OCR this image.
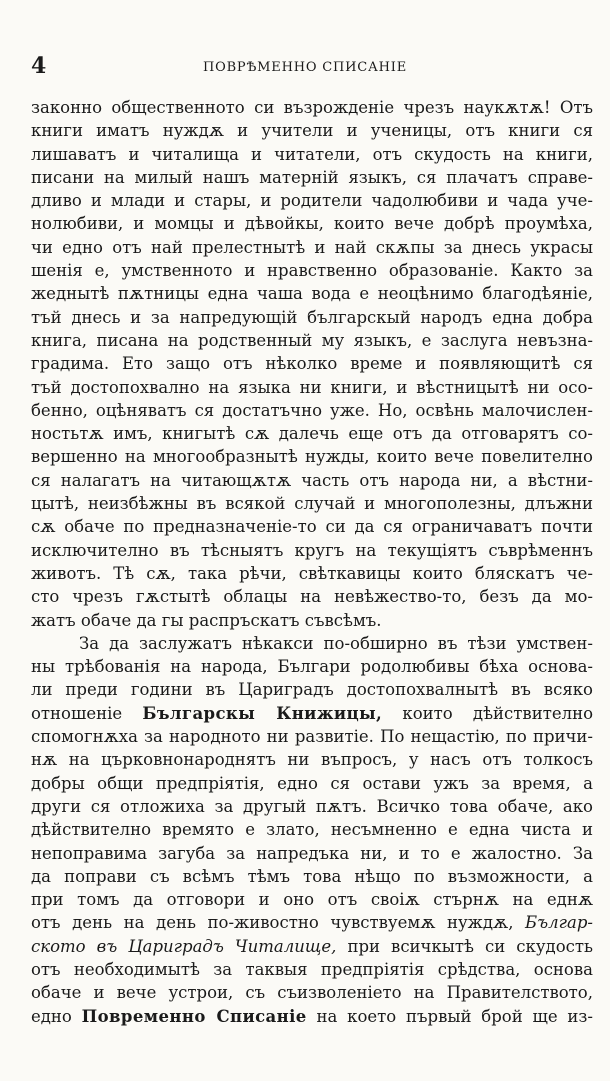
4	ПОВРѢМЕННО СПИСАНІЕ
законно общественното си възрожденіе чрезъ наукѫтѫ! Отъ
книги иматъ нуждѫ и учители и ученицы, отъ книги ся
лишаватъ и читалища и читатели, отъ скудость на книги,
писани на милый нашъ матерній языкъ, ся плачатъ справе-
дливо и млади и стары, и родители чадолюбиви и чада уче-
нолюбиви, и момцы и дѣвойкы, които вече добрѣ проумѣха,
чи едно отъ най прелестнытѣ и най скѫпы за днесь украсы
шенія е, умственното и нравственно образованіе. Както за
жеднытѣ пѫтницы една чаша вода е неоцѣнимо благодѣяніе,
тъй днесь и за напредующій българскый народъ една добра
книга, писана на родственный му языкъ, е заслуга невъзна-
градима. Ето защо отъ нѣколко време и появляющитѣ ся
тъй достопохвално на языка ни книги, и вѣстницытѣ ни осо-
бенно, оцѣняватъ ся достатъчно уже. Но, освѣнь малочислен-
ностьтѫ имъ, книгытѣ сѫ далечь еще отъ да отговарятъ со-
вершенно на многообразнытѣ нужды, които вече повелително
ся налагатъ на читающѫтѫ часть отъ народа ни, а вѣстни-
цытѣ, неизбѣжны въ всякой случай и многополезны, длъжни
сѫ обаче по предназначеніе-то си да ся ограничаватъ почти
исключително въ тѣсныятъ кругъ на текущіятъ съврѣменнъ
животъ. Тѣ сѫ, така рѣчи, свѣткавицы които бляскатъ че-
сто чрезъ гѫстытѣ облацы на невѣжество-то, безъ да мо-
жатъ обаче да гы распръскатъ съвсѣмъ.
За да заслужатъ нѣкакси по-обширно въ тѣзи умствен-
ны трѣбованія на народа, Българи родолюбивы бѣха основа-
ли преди години въ Цариградъ достопохвалнытѣ въ всяко
отношеніе Българскы Книжицы, които дѣйствително
спомогнѫха за народното ни развитіе. По нещастію, по причи-
нѫ на църковнонароднятъ ни въпросъ, у насъ отъ толкосъ
добры общи предпріятія, едно ся остави ужъ за время, а
други ся отложиха за другый пѫтъ. Всичко това обаче, ако
дѣйствително времято е злато, несъмненно е една чиста и
непоправима загуба за напредъка ни, и то е жалостно. За
да поправи съ всѣмъ тѣмъ това нѣщо по възможности, а
при томъ да отговори и оно отъ своіѫ стърнѫ на еднѫ
отъ день на день по-живостно чувствуемѫ нуждѫ, Българ-
ското въ Цариградъ Читалище, при всичкытѣ си скудость
отъ необходимытѣ за таквыя предпріятія срѣдства, основа
обаче и вече устрои, съ съизволеніето на Правителството,
едно Повременно Списаніе на което първый брой ще из-
